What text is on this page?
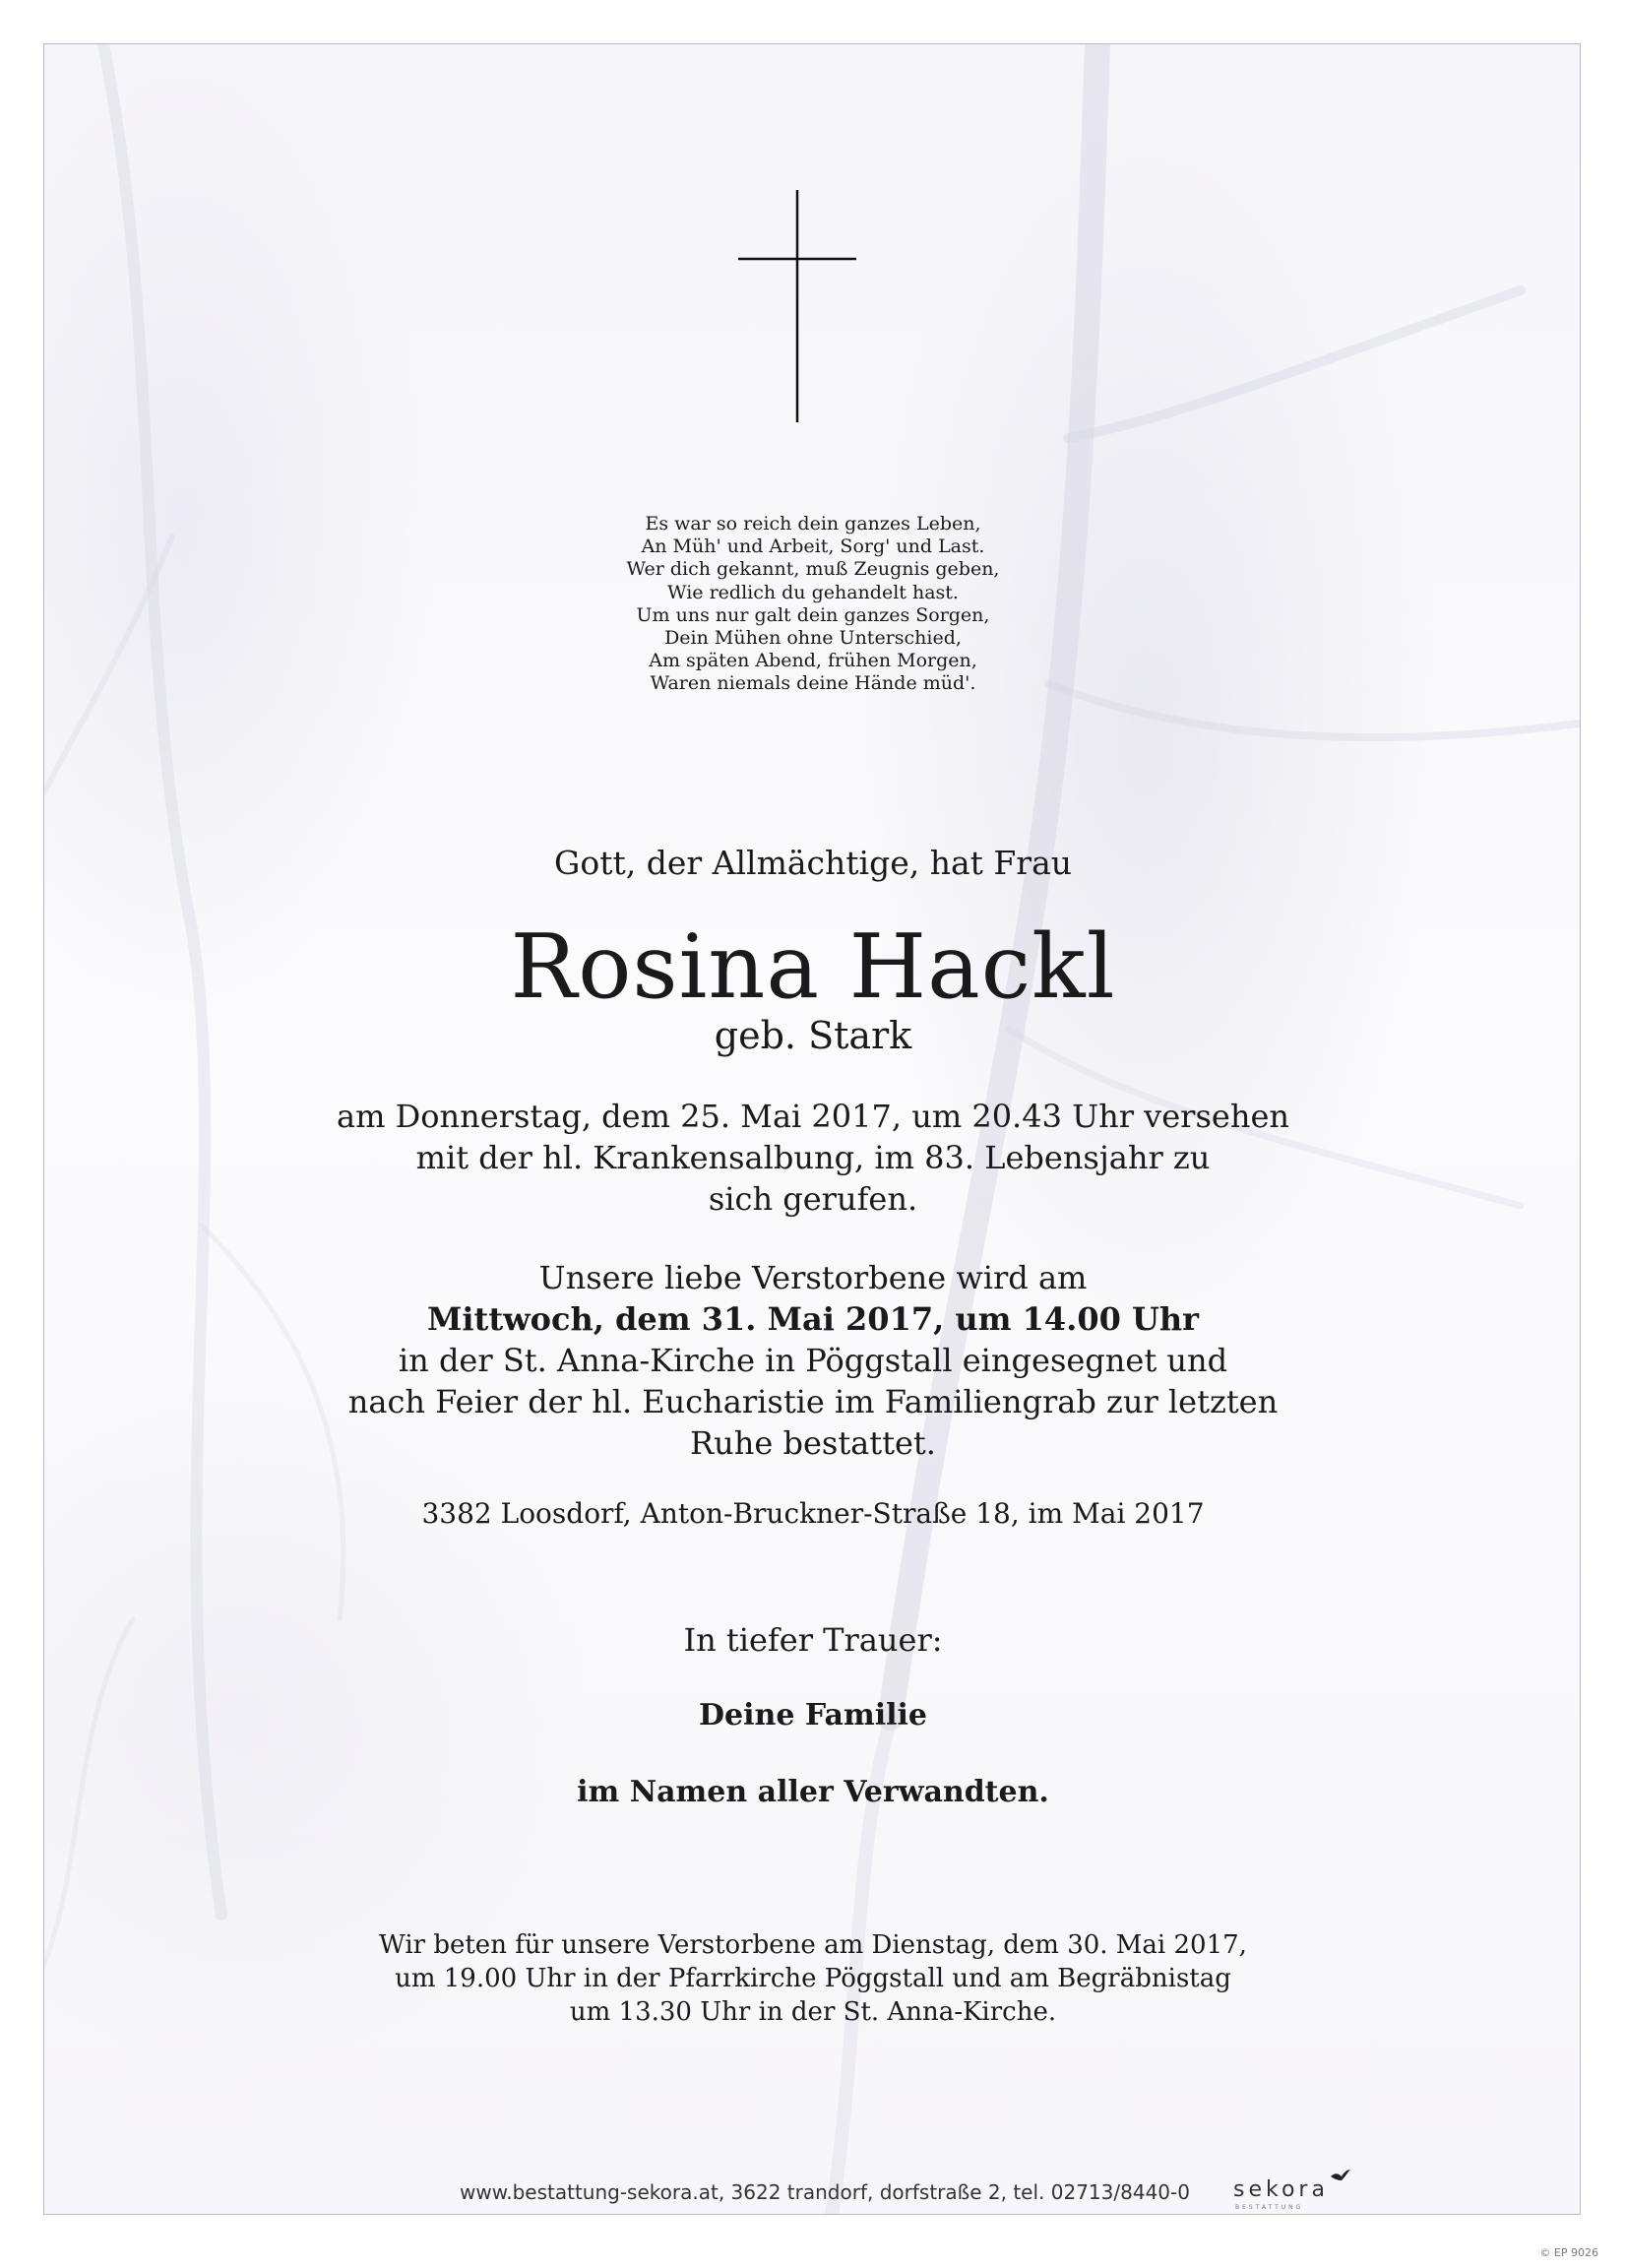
Es war so reich dein ganzes Leben,
An Müh' und Arbeit, Sorg' und Last.
Wer dich gekannt, muß Zeugnis geben,
Wie redlich du gehandelt hast.
Um uns nur galt dein ganzes Sorgen,
Dein Mühen ohne Unterschied,
Am späten Abend, frühen Morgen,
Waren niemals deine Hände müd'.
Gott, der Allmächtige, hat Frau
Rosina Hackl
geb. Stark
am Donnerstag, dem 25. Mai 2017, um 20.43 Uhr versehen
mit der hl. Krankensalbung, im 83. Lebensjahr zu
sich gerufen.
Unsere liebe Verstorbene wird am
Mittwoch, dem 31. Mai 2017, um 14.00 Uhr
in der St. Anna-Kirche in Pöggstall eingesegnet und
nach Feier der hl. Eucharistie im Familiengrab zur letzten
Ruhe bestattet.
3382 Loosdorf, Anton-Bruckner-Straße 18, im Mai 2017
In tiefer Trauer:
Deine Familie
im Namen aller Verwandten.
Wir beten für unsere Verstorbene am Dienstag, dem 30. Mai 2017,
um 19.00 Uhr in der Pfarrkirche Pöggstall und am Begräbnistag
um 13.30 Uhr in der St. Anna-Kirche.
www.bestattung-sekora.at, 3622 trandorf, dorfstraße 2, tel. 02713/8440-0 sekora
BESTATTUNG
© EP 9026
